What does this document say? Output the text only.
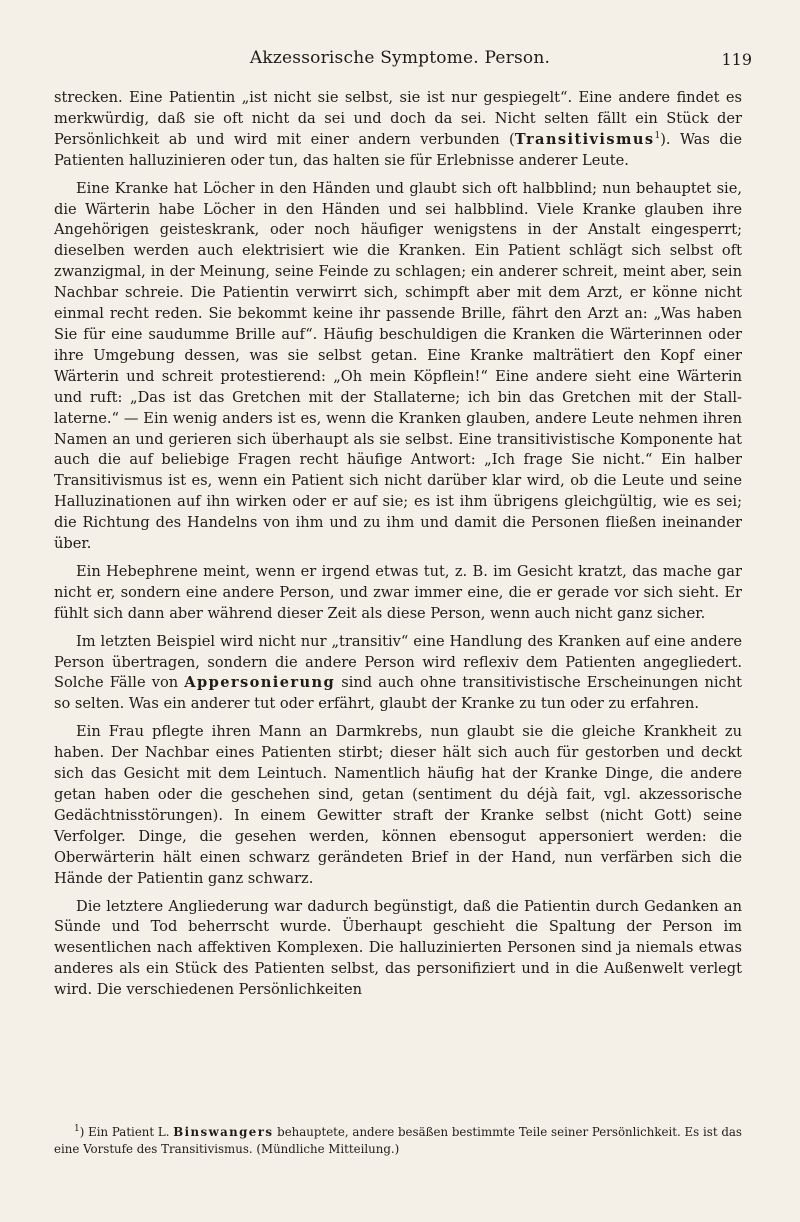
Akzessorische Symptome. Person.	119

strecken. Eine Patientin „ist nicht sie selbst, sie ist nur gespiegelt“. Eine andere findet es merkwürdig, daß sie oft nicht da sei und doch da sei. Nicht selten fällt ein Stück der Persönlichkeit ab und wird mit einer andern verbunden (Transitivismus$^1$). Was die Patienten halluzinieren oder tun, das halten sie für Erlebnisse anderer Leute.

Eine Kranke hat Löcher in den Händen und glaubt sich oft halbblind; nun behauptet sie, die Wärterin habe Löcher in den Händen und sei halbblind. Viele Kranke glauben ihre Angehörigen geisteskrank, oder noch häufiger wenigstens in der Anstalt eingesperrt; dieselben werden auch elektrisiert wie die Kranken. Ein Patient schlägt sich selbst oft zwanzigmal, in der Meinung, seine Feinde zu schlagen; ein anderer schreit, meint aber, sein Nachbar schreie. Die Patientin verwirrt sich, schimpft aber mit dem Arzt, er könne nicht einmal recht reden. Sie bekommt keine ihr passende Brille, fährt den Arzt an: „Was haben Sie für eine saudumme Brille auf“. Häufig beschuldigen die Kranken die Wärterinnen oder ihre Umgebung dessen, was sie selbst getan. Eine Kranke malträtiert den Kopf einer Wärterin und schreit protestierend: „Oh mein Köpflein!“ Eine andere sieht eine Wärterin und ruft: „Das ist das Gretchen mit der Stallaterne; ich bin das Gretchen mit der Stall-laterne.“ — Ein wenig anders ist es, wenn die Kranken glauben, andere Leute nehmen ihren Namen an und gerieren sich überhaupt als sie selbst. Eine transitivistische Komponente hat auch die auf beliebige Fragen recht häufige Antwort: „Ich frage Sie nicht.“ Ein halber Transitivismus ist es, wenn ein Patient sich nicht darüber klar wird, ob die Leute und seine Halluzinationen auf ihn wirken oder er auf sie; es ist ihm übrigens gleichgültig, wie es sei; die Richtung des Handelns von ihm und zu ihm und damit die Personen fließen ineinander über.

Ein Hebephrene meint, wenn er irgend etwas tut, z. B. im Gesicht kratzt, das mache gar nicht er, sondern eine andere Person, und zwar immer eine, die er gerade vor sich sieht. Er fühlt sich dann aber während dieser Zeit als diese Person, wenn auch nicht ganz sicher.

Im letzten Beispiel wird nicht nur „transitiv“ eine Handlung des Kranken auf eine andere Person übertragen, sondern die andere Person wird reflexiv dem Patienten angegliedert. Solche Fälle von Appersonierung sind auch ohne transitivistische Erscheinungen nicht so selten. Was ein anderer tut oder erfährt, glaubt der Kranke zu tun oder zu erfahren.

Ein Frau pflegte ihren Mann an Darmkrebs, nun glaubt sie die gleiche Krankheit zu haben. Der Nachbar eines Patienten stirbt; dieser hält sich auch für gestorben und deckt sich das Gesicht mit dem Leintuch. Namentlich häufig hat der Kranke Dinge, die andere getan haben oder die geschehen sind, getan (sentiment du déjà fait, vgl. akzessorische Gedächtnisstörungen). In einem Gewitter straft der Kranke selbst (nicht Gott) seine Verfolger. Dinge, die gesehen werden, können ebensogut appersoniert werden: die Oberwärterin hält einen schwarz gerändeten Brief in der Hand, nun verfärben sich die Hände der Patientin ganz schwarz.

Die letztere Angliederung war dadurch begünstigt, daß die Patientin durch Gedanken an Sünde und Tod beherrscht wurde. Überhaupt geschieht die Spaltung der Person im wesentlichen nach affektiven Komplexen. Die halluzinierten Personen sind ja niemals etwas anderes als ein Stück des Patienten selbst, das personifiziert und in die Außenwelt verlegt wird. Die verschiedenen Persönlichkeiten

$^1$) Ein Patient L. Binswangers behauptete, andere besäßen bestimmte Teile seiner Persönlichkeit. Es ist das eine Vorstufe des Transitivismus. (Mündliche Mitteilung.)
